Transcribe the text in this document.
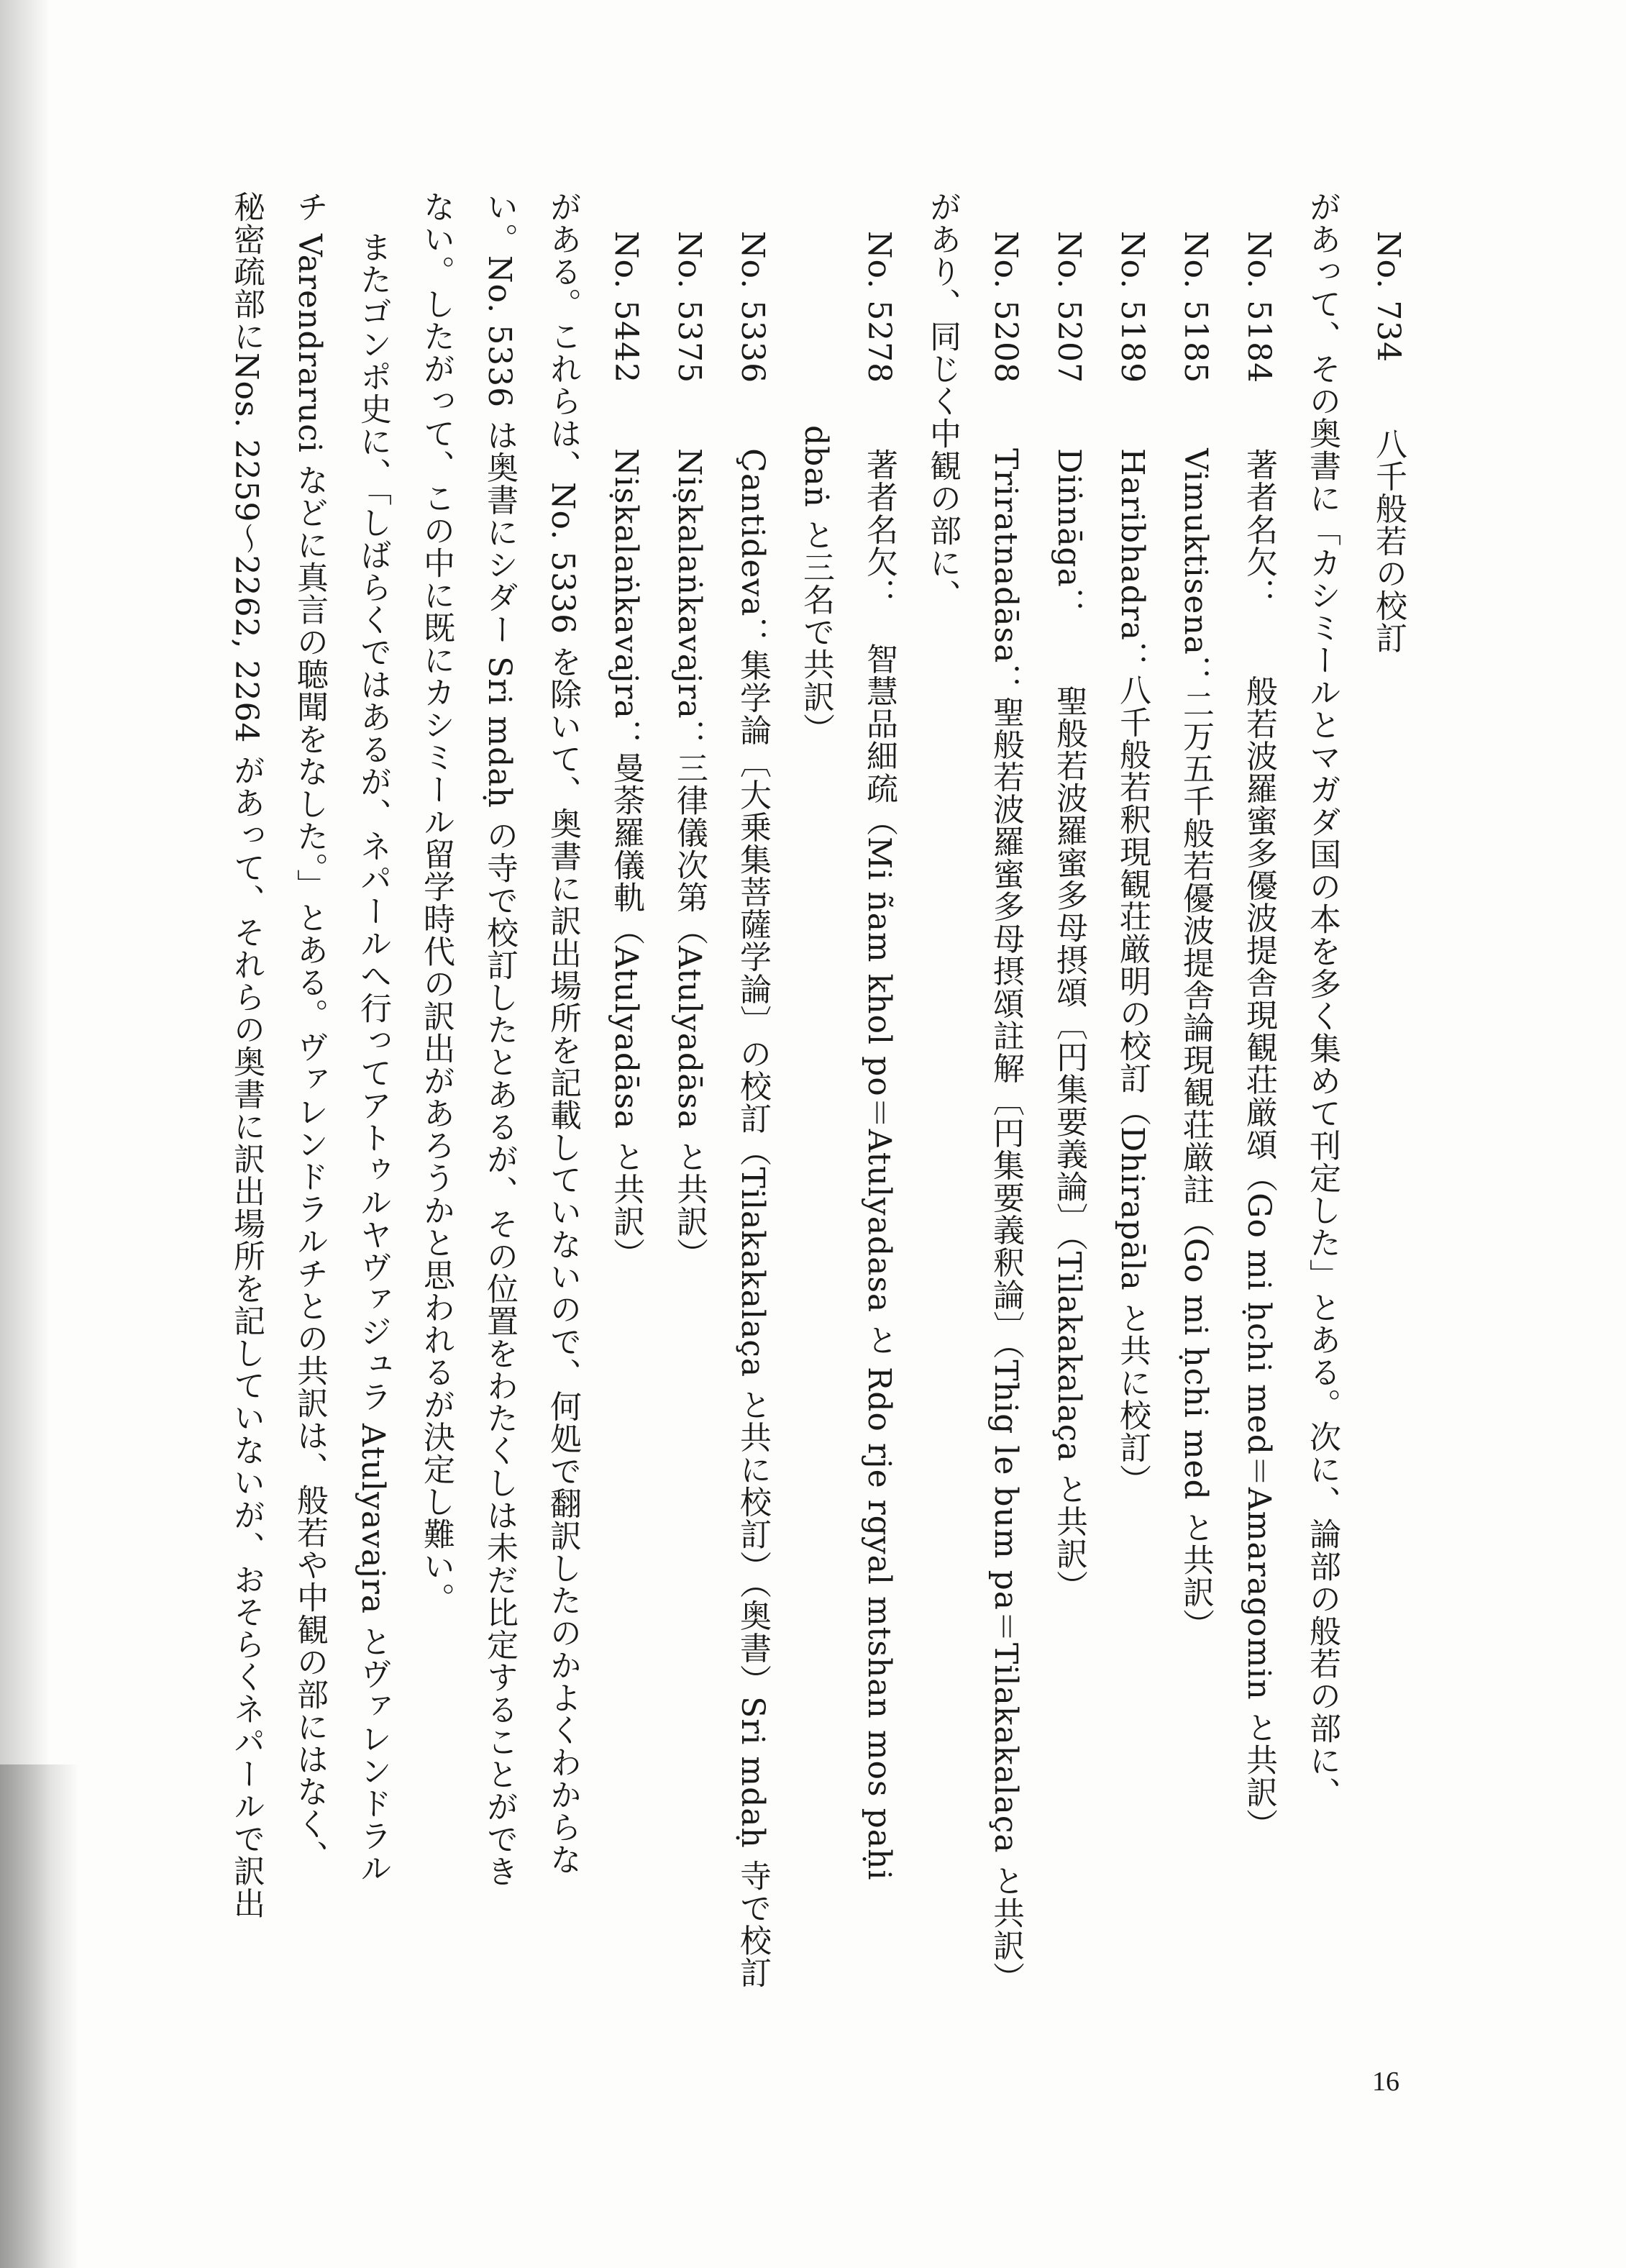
No. 734　　八千般若の校訂
があって、その奥書に「カシミールとマガダ国の本を多く集めて刊定した」とある。次に、論部の般若の部に、
No. 5184　　著者名欠：　　般若波羅蜜多優波提舎現観荘厳頌（Go mi ḥchi med＝Amaragomin と共訳）
No. 5185　　Vimuktisena：二万五千般若優波提舎論現観荘厳註（Go mi ḥchi med と共訳）
No. 5189　　Haribhadra：八千般若釈現観荘厳明の校訂（Dhirapāla と共に校訂）
No. 5207　　Diṅnāga：　　聖般若波羅蜜多母摂頌〔円集要義論〕（Tilakakalaça と共訳）
No. 5208　　Triratnadāsa：聖般若波羅蜜多母摂頌註解〔円集要義釈論〕（Thig le bum pa＝Tilakakalaça と共訳）
があり、同じく中観の部に、
No. 5278　　著者名欠：　智慧品細疏（Mi ñam khol po＝Atulyadasa と Rdo rje rgyal mtshan mos paḥi
　　　　　　dbaṅ と三名で共訳）
No. 5336　　Çantideva：集学論〔大乗集菩薩学論〕の校訂（Tilakakalaça と共に校訂）（奥書）Sri mdaḥ 寺で校訂
No. 5375　　Niṣkalaṅkavajra：三律儀次第（Atulyadāsa と共訳）
No. 5442　　Niṣkalaṅkavajra：曼荼羅儀軌（Atulyadāsa と共訳）
がある。これらは、No. 5336 を除いて、奥書に訳出場所を記載していないので、何処で翻訳したのかよくわからな
い。No. 5336 は奥書にシダー Sri mdaḥ の寺で校訂したとあるが、その位置をわたくしは未だ比定することができ
ない。したがって、この中に既にカシミール留学時代の訳出があろうかと思われるが決定し難い。
またゴンポ史に、「しばらくではあるが、ネパールへ行ってアトゥルヤヴァジュラ Atulyavajra とヴァレンドラル
チ Varendraruci などに真言の聴聞をなした。」とある。ヴァレンドラルチとの共訳は、般若や中観の部にはなく、
秘密疏部にNos. 2259～2262, 2264 があって、それらの奥書に訳出場所を記していないが、おそらくネパールで訳出
16
